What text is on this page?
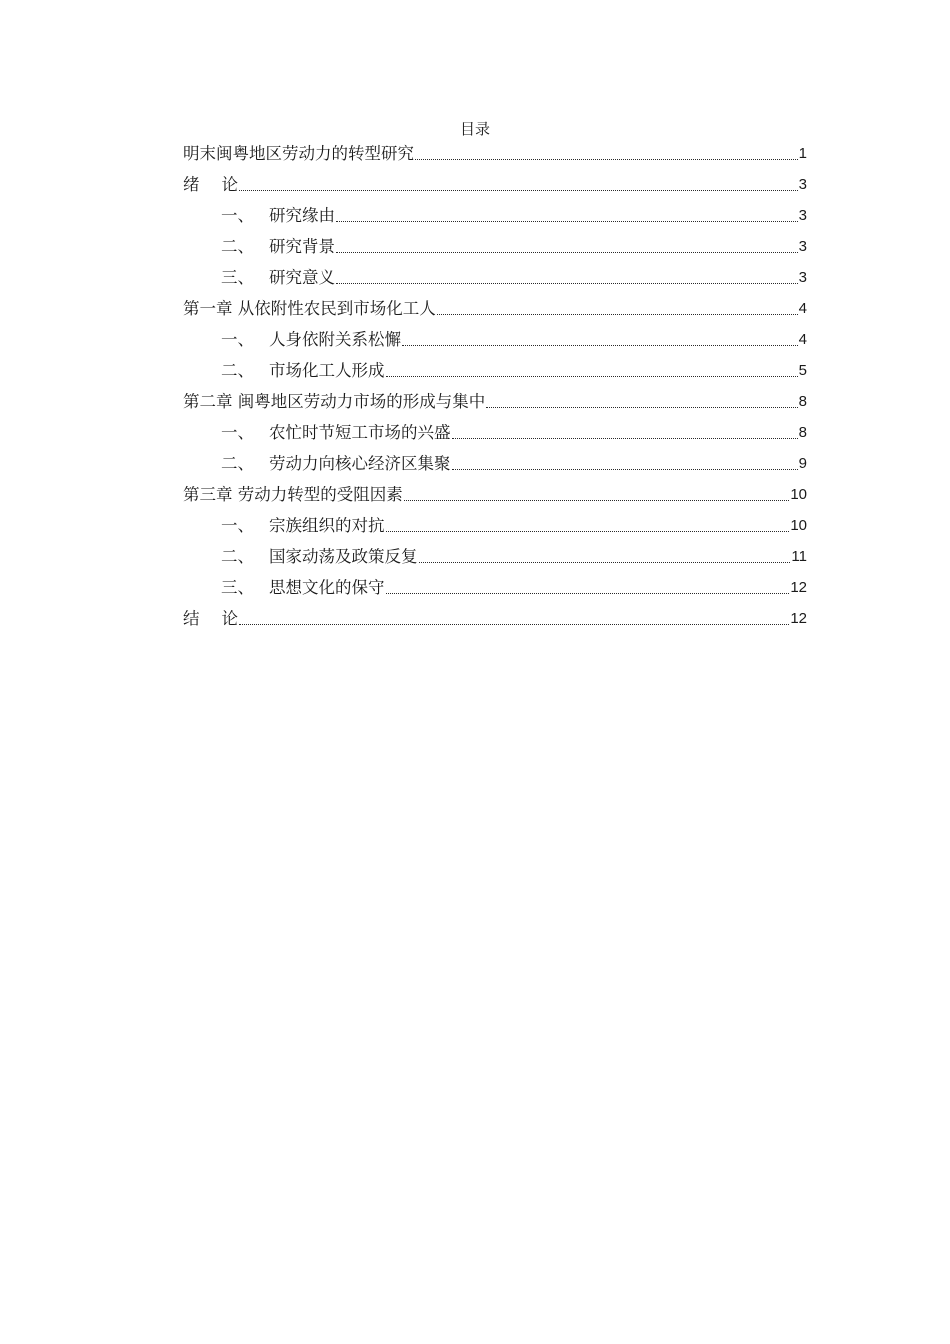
目录
明末闽粤地区劳动力的转型研究	1
绪 论	3
一、 研究缘由	3
二、 研究背景	3
三、 研究意义	3
第一章 从依附性农民到市场化工人	4
一、 人身依附关系松懈	4
二、 市场化工人形成	5
第二章 闽粤地区劳动力市场的形成与集中	8
一、 农忙时节短工市场的兴盛	8
二、 劳动力向核心经济区集聚	9
第三章 劳动力转型的受阻因素	10
一、 宗族组织的对抗	10
二、 国家动荡及政策反复	11
三、 思想文化的保守	12
结 论	12
